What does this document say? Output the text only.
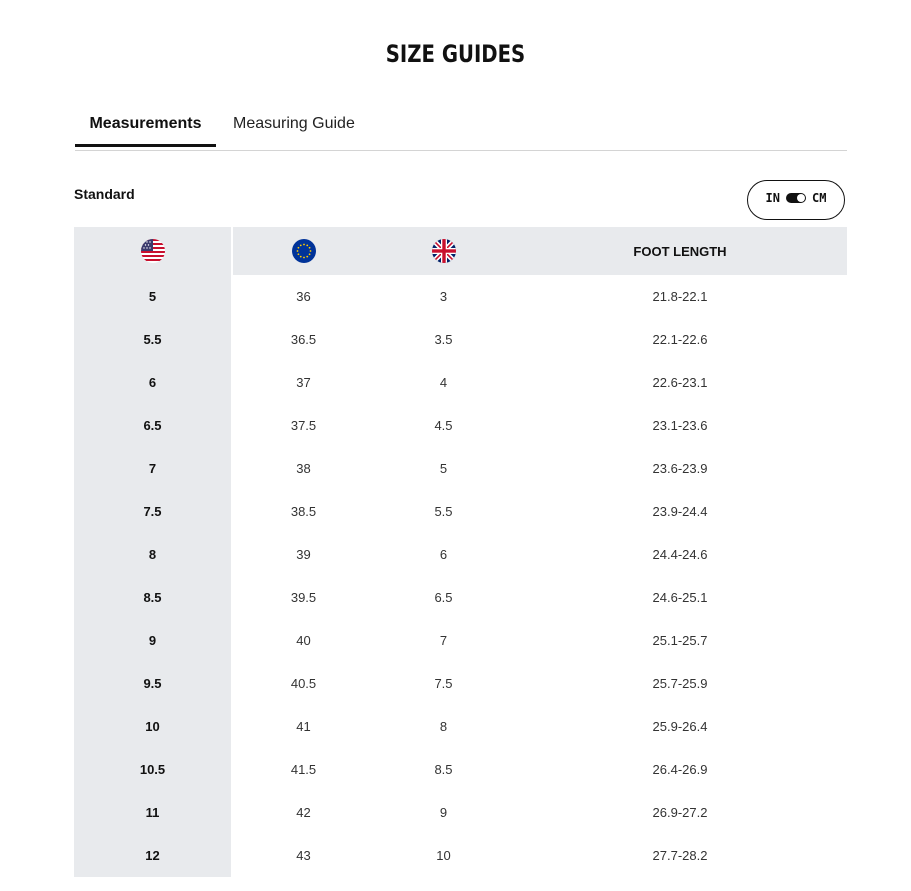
SIZE GUIDES
Measurements	Measuring Guide
Standard	IN	CM
FOOT LENGTH
5	36	3	21.8-22.1
5.5	36.5	3.5	22.1-22.6
6	37	4	22.6-23.1
6.5	37.5	4.5	23.1-23.6
7	38	5	23.6-23.9
7.5	38.5	5.5	23.9-24.4
8	39	6	24.4-24.6
8.5	39.5	6.5	24.6-25.1
9	40	7	25.1-25.7
9.5	40.5	7.5	25.7-25.9
10	41	8	25.9-26.4
10.5	41.5	8.5	26.4-26.9
11	42	9	26.9-27.2
12	43	10	27.7-28.2
